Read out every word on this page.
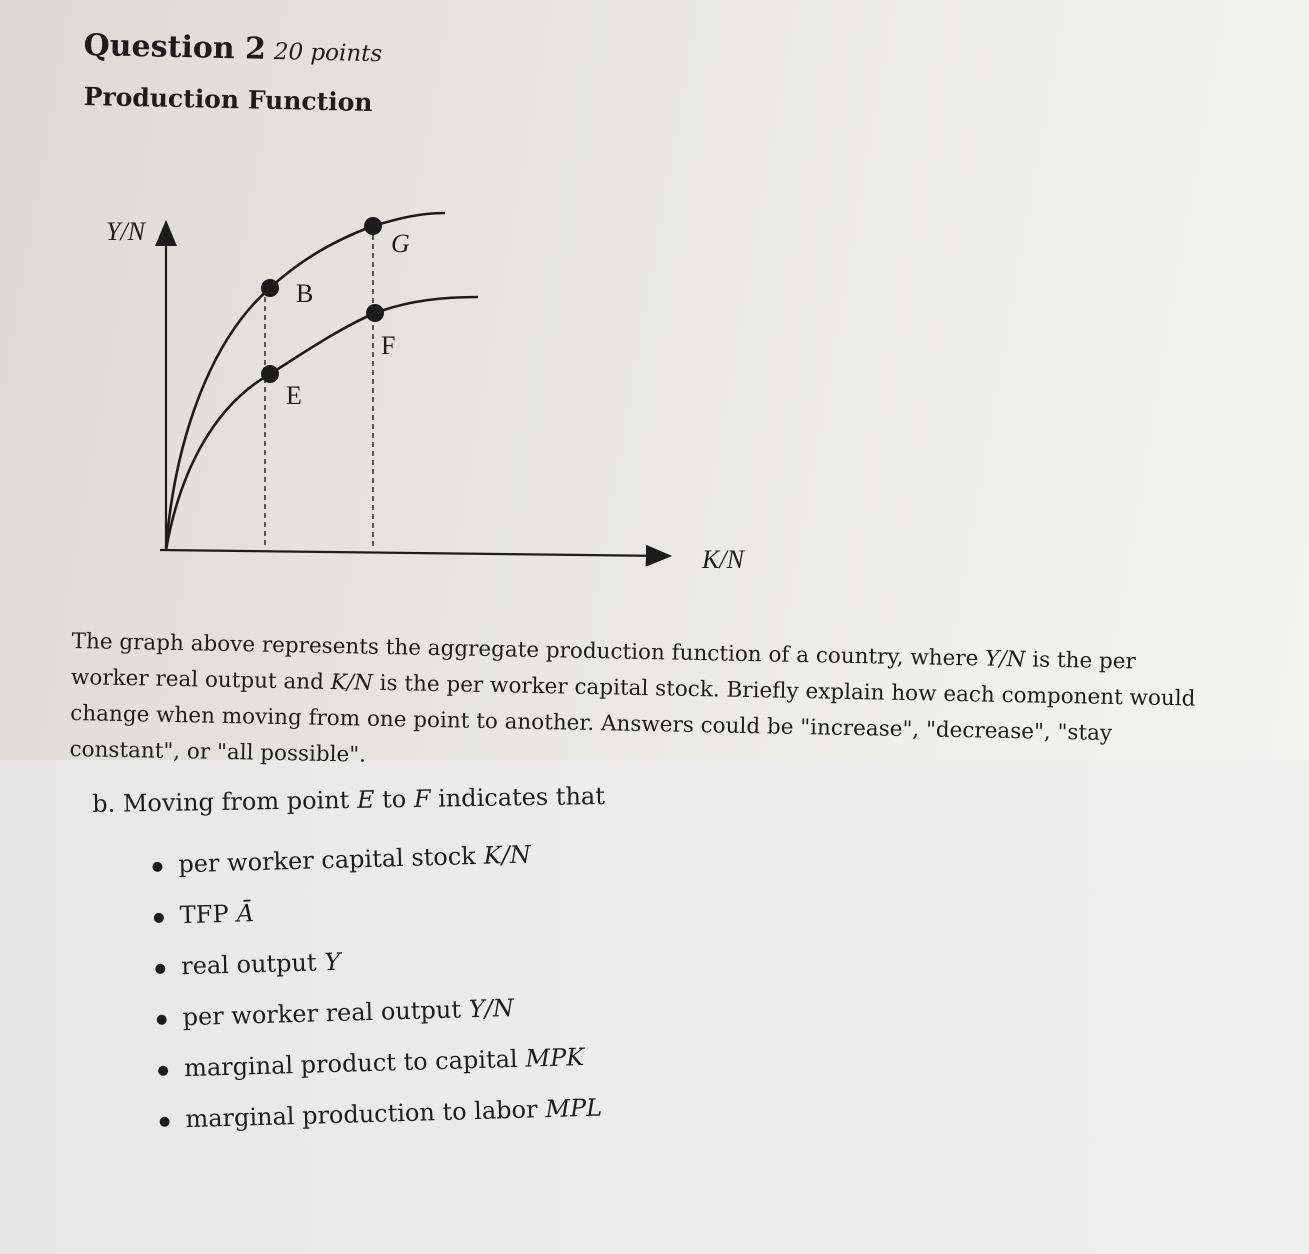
Question 2 20 points
Production Function
Y/N
K/N
B
G
E
F
The graph above represents the aggregate production function of a country, where Y/N is the per worker real output and K/N is the per worker capital stock. Briefly explain how each component would change when moving from one point to another. Answers could be "increase", "decrease", "stay constant", or "all possible".
b. Moving from point E to F indicates that
per worker capital stock K/N
TFP Ā
real output Y
per worker real output Y/N
marginal product to capital MPK
marginal production to labor MPL
